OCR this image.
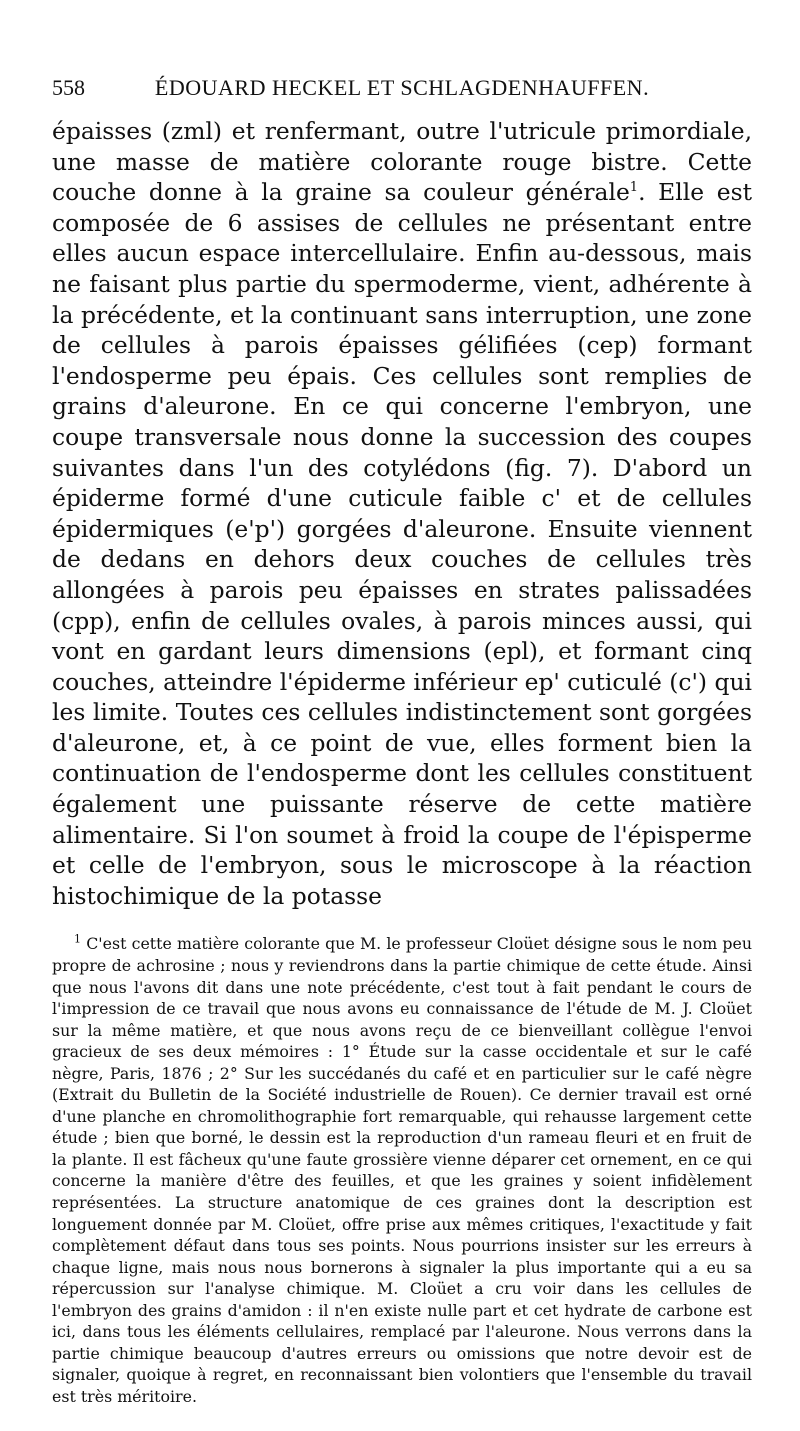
558	ÉDOUARD HECKEL ET SCHLAGDENHAUFFEN.

épaisses (zml) et renfermant, outre l'utricule primordiale, une masse de matière colorante rouge bistre. Cette couche donne à la graine sa couleur générale$^1$. Elle est composée de 6 assises de cellules ne présentant entre elles aucun espace intercellulaire. Enfin au-dessous, mais ne faisant plus partie du spermoderme, vient, adhérente à la précédente, et la continuant sans interruption, une zone de cellules à parois épaisses gélifiées (cep) formant l'endosperme peu épais. Ces cellules sont remplies de grains d'aleurone. En ce qui concerne l'embryon, une coupe transversale nous donne la succession des coupes suivantes dans l'un des cotylédons (fig. 7). D'abord un épiderme formé d'une cuticule faible c' et de cellules épidermiques (e'p') gorgées d'aleurone. Ensuite viennent de dedans en dehors deux couches de cellules très allongées à parois peu épaisses en strates palissadées (cpp), enfin de cellules ovales, à parois minces aussi, qui vont en gardant leurs dimensions (epl), et formant cinq couches, atteindre l'épiderme inférieur ep' cuticulé (c') qui les limite. Toutes ces cellules indistinctement sont gorgées d'aleurone, et, à ce point de vue, elles forment bien la continuation de l'endosperme dont les cellules constituent également une puissante réserve de cette matière alimentaire. Si l'on soumet à froid la coupe de l'épisperme et celle de l'embryon, sous le microscope à la réaction histochimique de la potasse

$^1$ C'est cette matière colorante que M. le professeur Cloüet désigne sous le nom peu propre de achrosine ; nous y reviendrons dans la partie chimique de cette étude. Ainsi que nous l'avons dit dans une note précédente, c'est tout à fait pendant le cours de l'impression de ce travail que nous avons eu connaissance de l'étude de M. J. Cloüet sur la même matière, et que nous avons reçu de ce bienveillant collègue l'envoi gracieux de ses deux mémoires : 1° Étude sur la casse occidentale et sur le café nègre, Paris, 1876 ; 2° Sur les succédanés du café et en particulier sur le café nègre (Extrait du Bulletin de la Société industrielle de Rouen). Ce dernier travail est orné d'une planche en chromolithographie fort remarquable, qui rehausse largement cette étude ; bien que borné, le dessin est la reproduction d'un rameau fleuri et en fruit de la plante. Il est fâcheux qu'une faute grossière vienne déparer cet ornement, en ce qui concerne la manière d'être des feuilles, et que les graines y soient infidèlement représentées. La structure anatomique de ces graines dont la description est longuement donnée par M. Cloüet, offre prise aux mêmes critiques, l'exactitude y fait complètement défaut dans tous ses points. Nous pourrions insister sur les erreurs à chaque ligne, mais nous nous bornerons à signaler la plus importante qui a eu sa répercussion sur l'analyse chimique. M. Cloüet a cru voir dans les cellules de l'embryon des grains d'amidon : il n'en existe nulle part et cet hydrate de carbone est ici, dans tous les éléments cellulaires, remplacé par l'aleurone. Nous verrons dans la partie chimique beaucoup d'autres erreurs ou omissions que notre devoir est de signaler, quoique à regret, en reconnaissant bien volontiers que l'ensemble du travail est très méritoire.
